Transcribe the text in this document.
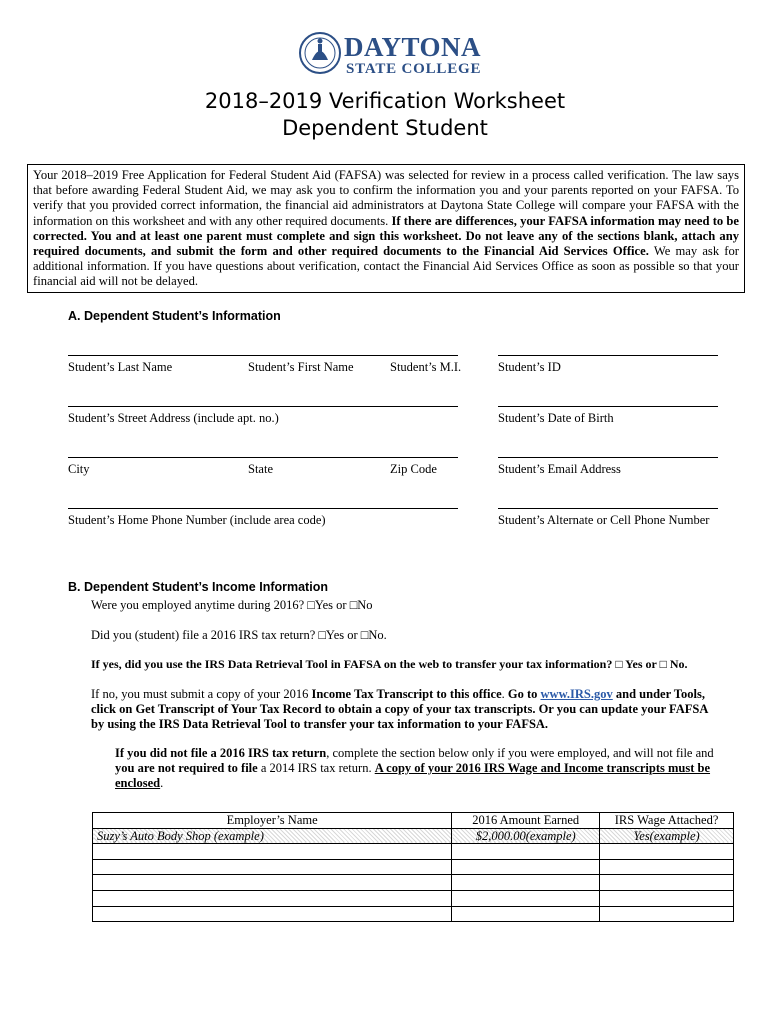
DAYTONA
STATE COLLEGE
2018–2019 Verification Worksheet
Dependent Student
Your 2018–2019 Free Application for Federal Student Aid (FAFSA) was selected for review in a process called verification. The law says that before awarding Federal Student Aid, we may ask you to confirm the information you and your parents reported on your FAFSA. To verify that you provided correct information, the financial aid administrators at Daytona State College will compare your FAFSA with the information on this worksheet and with any other required documents. If there are differences, your FAFSA information may need to be corrected. You and at least one parent must complete and sign this worksheet. Do not leave any of the sections blank, attach any required documents, and submit the form and other required documents to the Financial Aid Services Office. We may ask for additional information. If you have questions about verification, contact the Financial Aid Services Office as soon as possible so that your financial aid will not be delayed.
A. Dependent Student’s Information
Student’s Last Name	Student’s First Name	Student’s M.I.	Student’s ID
Student’s Street Address (include apt. no.)	Student’s Date of Birth
City	State	Zip Code	Student’s Email Address
Student’s Home Phone Number (include area code)	Student’s Alternate or Cell Phone Number
B. Dependent Student’s Income Information
Were you employed anytime during 2016? □Yes or □No
Did you (student) file a 2016 IRS tax return? □Yes or □No.
If yes, did you use the IRS Data Retrieval Tool in FAFSA on the web to transfer your tax information? □ Yes or □ No.
If no, you must submit a copy of your 2016 Income Tax Transcript to this office. Go to www.IRS.gov and under Tools, click on Get Transcript of Your Tax Record to obtain a copy of your tax transcripts. Or you can update your FAFSA by using the IRS Data Retrieval Tool to transfer your tax information to your FAFSA.
If you did not file a 2016 IRS tax return, complete the section below only if you were employed, and will not file and you are not required to file a 2014 IRS tax return. A copy of your 2016 IRS Wage and Income transcripts must be enclosed.
Employer’s Name	2016 Amount Earned	IRS Wage Attached?
Suzy’s Auto Body Shop (example)	$2,000.00(example)	Yes(example)
